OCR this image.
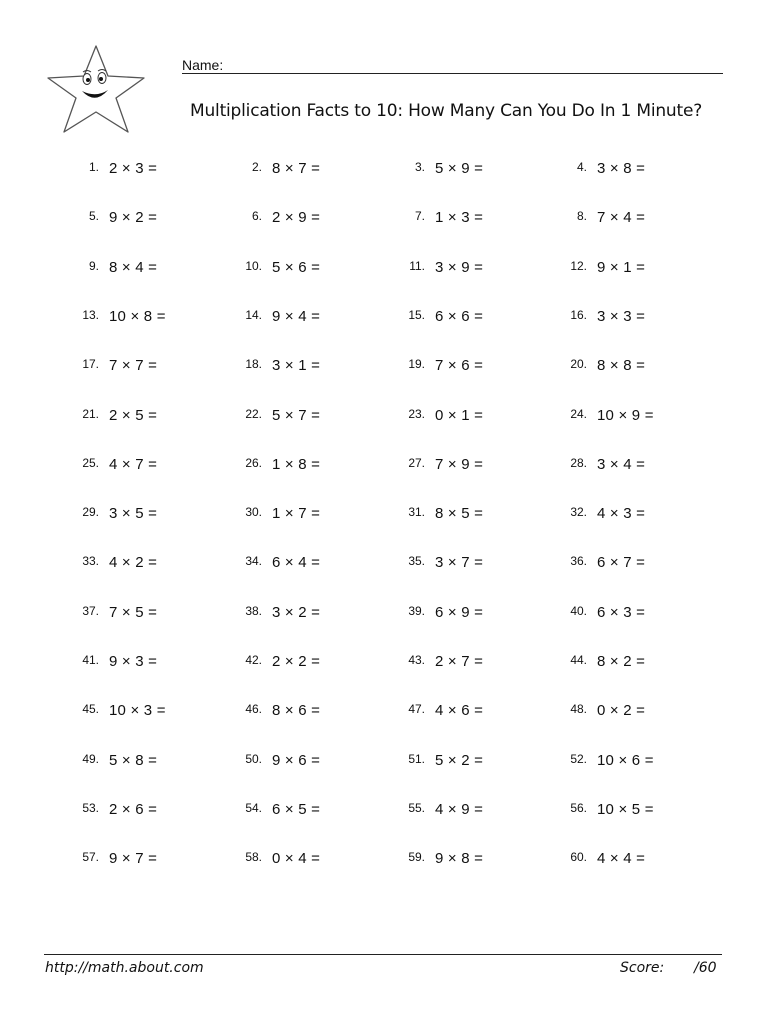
Name:
Multiplication Facts to 10: How Many Can You Do In 1 Minute?
1. 2 × 3 =	2. 8 × 7 =	3. 5 × 9 =	4. 3 × 8 =
5. 9 × 2 =	6. 2 × 9 =	7. 1 × 3 =	8. 7 × 4 =
9. 8 × 4 =	10. 5 × 6 =	11. 3 × 9 =	12. 9 × 1 =
13. 10 × 8 =	14. 9 × 4 =	15. 6 × 6 =	16. 3 × 3 =
17. 7 × 7 =	18. 3 × 1 =	19. 7 × 6 =	20. 8 × 8 =
21. 2 × 5 =	22. 5 × 7 =	23. 0 × 1 =	24. 10 × 9 =
25. 4 × 7 =	26. 1 × 8 =	27. 7 × 9 =	28. 3 × 4 =
29. 3 × 5 =	30. 1 × 7 =	31. 8 × 5 =	32. 4 × 3 =
33. 4 × 2 =	34. 6 × 4 =	35. 3 × 7 =	36. 6 × 7 =
37. 7 × 5 =	38. 3 × 2 =	39. 6 × 9 =	40. 6 × 3 =
41. 9 × 3 =	42. 2 × 2 =	43. 2 × 7 =	44. 8 × 2 =
45. 10 × 3 =	46. 8 × 6 =	47. 4 × 6 =	48. 0 × 2 =
49. 5 × 8 =	50. 9 × 6 =	51. 5 × 2 =	52. 10 × 6 =
53. 2 × 6 =	54. 6 × 5 =	55. 4 × 9 =	56. 10 × 5 =
57. 9 × 7 =	58. 0 × 4 =	59. 9 × 8 =	60. 4 × 4 =
http://math.about.com	Score: /60
